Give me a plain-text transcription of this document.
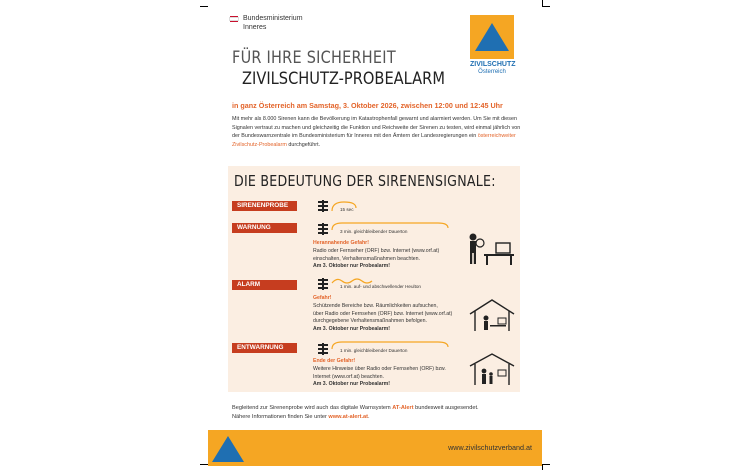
Bundesministerium
Inneres
FÜR IHRE SICHERHEIT
ZIVILSCHUTZ-PROBEALARM
ZIVILSCHUTZ
Österreich
in ganz Österreich am Samstag, 3. Oktober 2026, zwischen 12:00 und 12:45 Uhr
Mit mehr als 8.000 Sirenen kann die Bevölkerung im Katastrophenfall gewarnt und alarmiert werden. Um Sie mit diesen Signalen vertraut zu machen und gleichzeitig die Funktion und Reichweite der Sirenen zu testen, wird einmal jährlich von der Bundeswarnzentrale im Bundesministerium für Inneres mit den Ämtern der Landesregierungen ein österreichweiter Zivilschutz-Probealarm durchgeführt.
DIE BEDEUTUNG DER SIRENENSIGNALE:
SIRENENPROBE
15 sec
WARNUNG
3 min. gleichbleibender Dauerton
Herannahende Gefahr!
Radio oder Fernseher (ORF) bzw. Internet (www.orf.at)
einschalten, Verhaltensmaßnahmen beachten.
Am 3. Oktober nur Probealarm!
ALARM	1 min. auf- und abschwellender Heulton
Gefahr!
Schützende Bereiche bzw. Räumlichkeiten aufsuchen,
über Radio oder Fernsehen (ORF) bzw. Internet (www.orf.at)
durchgegebene Verhaltensmaßnahmen befolgen.
Am 3. Oktober nur Probealarm!
ENTWARNUNG	1 min. gleichbleibender Dauerton
Ende der Gefahr!
Weitere Hinweise über Radio oder Fernsehen (ORF) bzw.
Internet (www.orf.at) beachten.
Am 3. Oktober nur Probealarm!
Begleitend zur Sirenenprobe wird auch das digitale Warnsystem AT-Alert bundesweit ausgesendet.
Nähere Informationen finden Sie unter www.at-alert.at.
www.zivilschutzverband.at
